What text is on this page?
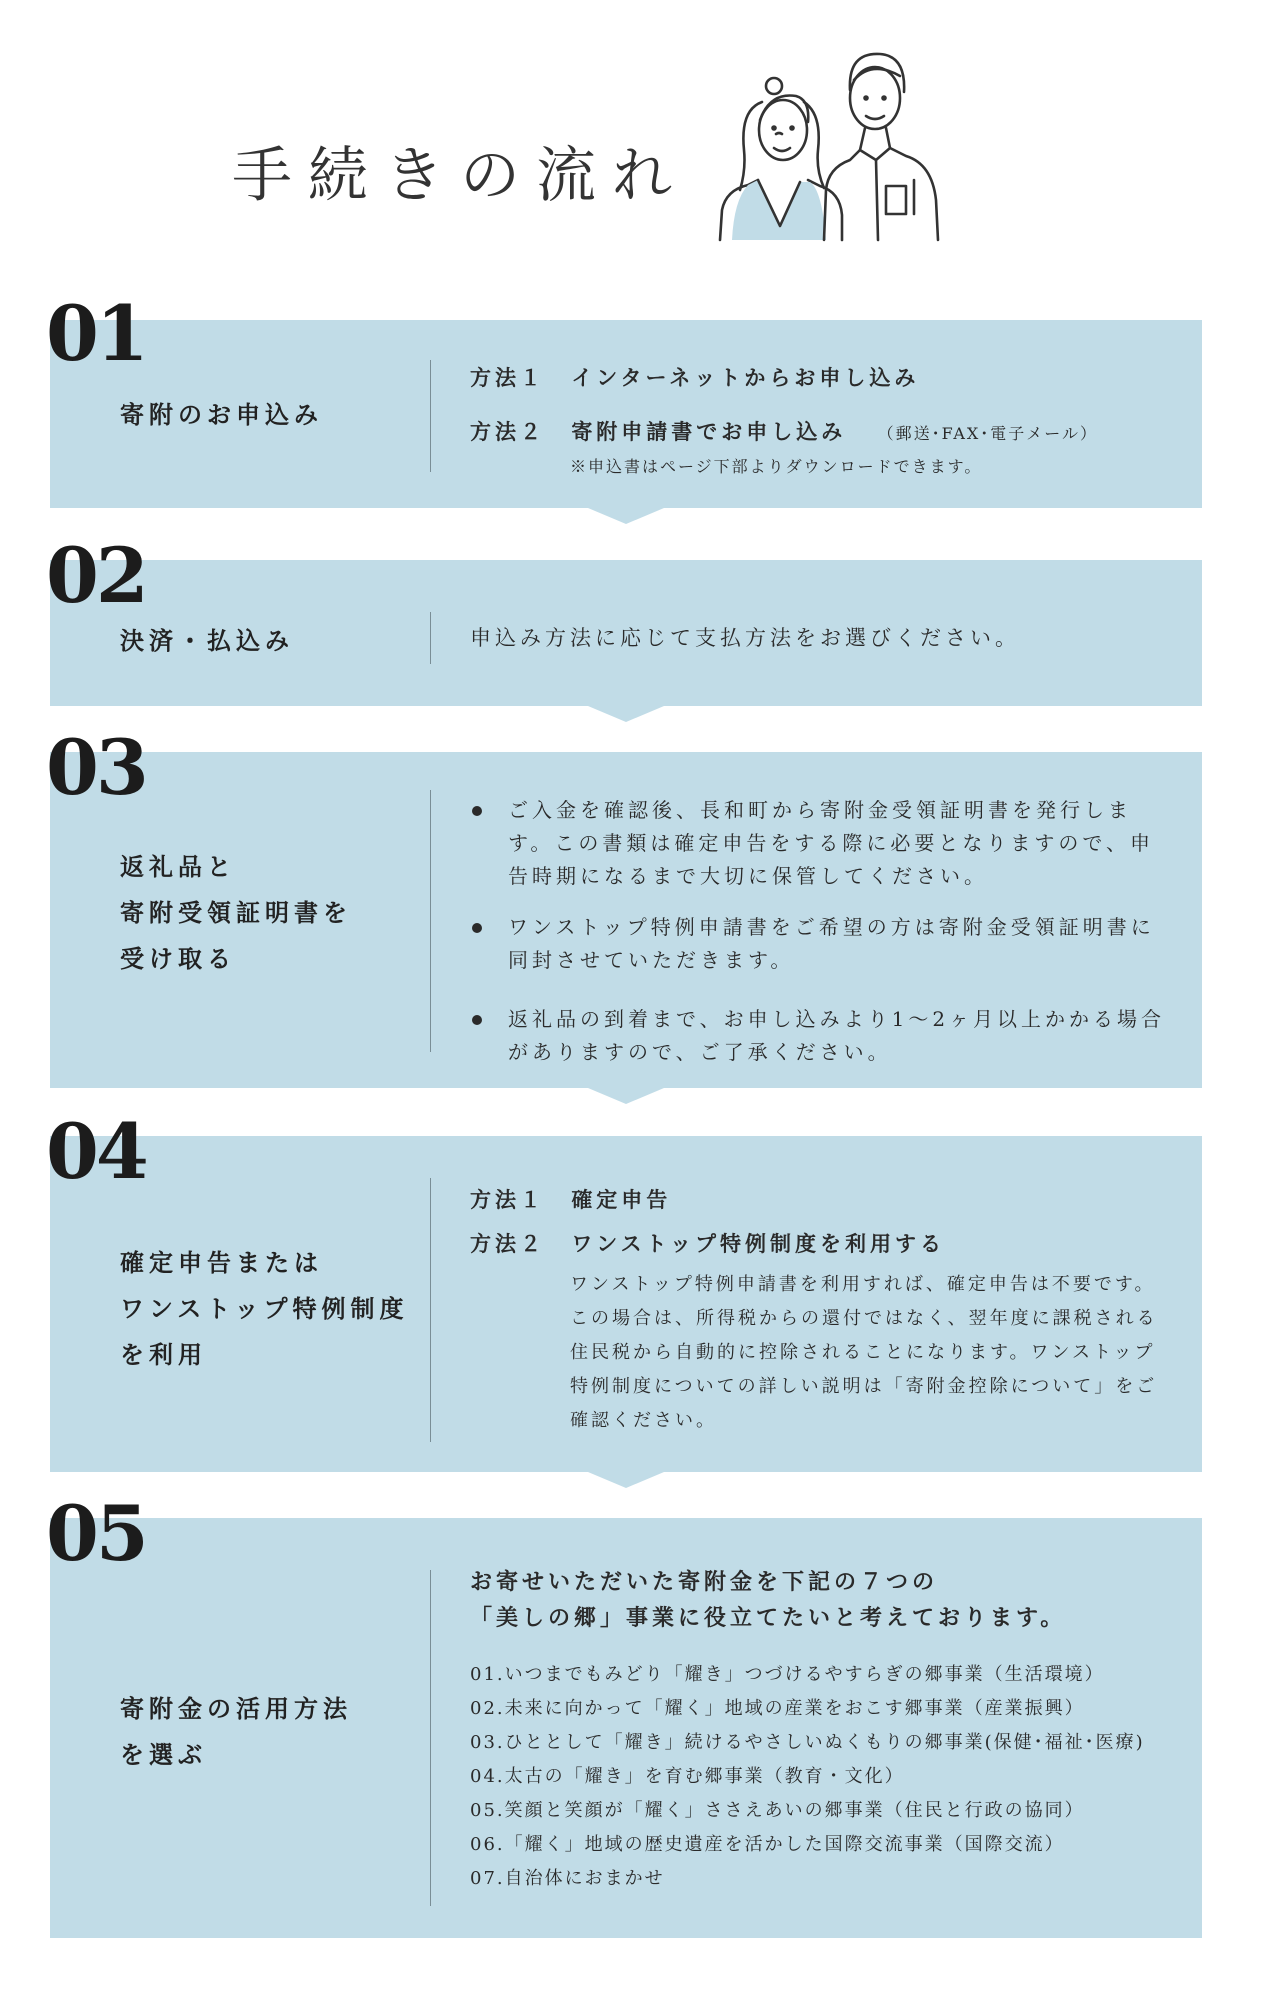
手続きの流れ
寄附のお申込み
方法１ インターネットからお申し込み
方法２ 寄附申請書でお申し込み （郵送･FAX･電子メール）
※申込書はページ下部よりダウンロードできます。
01
決済・払込み	申込み方法に応じて支払方法をお選びください。
02
返礼品と
寄附受領証明書を
受け取る
ご入金を確認後、長和町から寄附金受領証明書を発行します。この書類は確定申告をする際に必要となりますので、申告時期になるまで大切に保管してください。
ワンストップ特例申請書をご希望の方は寄附金受領証明書に同封させていただきます。
返礼品の到着まで、お申し込みより1〜2ヶ月以上かかる場合がありますので、ご了承ください。
03
確定申告または
ワンストップ特例制度
を利用
方法１ 確定申告
方法２ ワンストップ特例制度を利用する
ワンストップ特例申請書を利用すれば、確定申告は不要です。この場合は、所得税からの還付ではなく、翌年度に課税される住民税から自動的に控除されることになります。ワンストップ特例制度についての詳しい説明は「寄附金控除について」をご確認ください。
04
寄附金の活用方法
を選ぶ
お寄せいただいた寄附金を下記の７つの
「美しの郷」事業に役立てたいと考えております。
01.いつまでもみどり「耀き」つづけるやすらぎの郷事業（生活環境）
02.未来に向かって「耀く」地域の産業をおこす郷事業（産業振興）
03.ひととして「耀き」続けるやさしいぬくもりの郷事業(保健･福祉･医療)
04.太古の「耀き」を育む郷事業（教育・文化）
05.笑顔と笑顔が「耀く」ささえあいの郷事業（住民と行政の協同）
06.「耀く」地域の歴史遺産を活かした国際交流事業（国際交流）
07.自治体におまかせ
05
